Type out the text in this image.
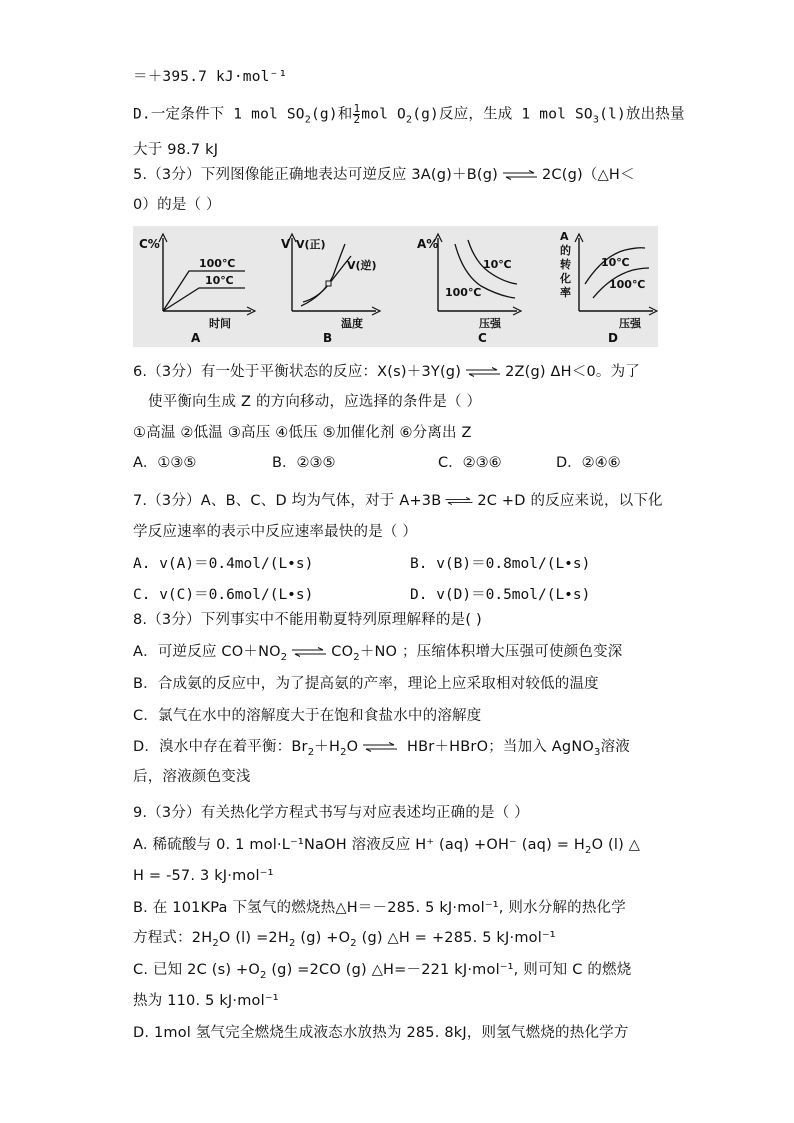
＝＋395.7 kJ·mol⁻¹
D.一定条件下 1 mol $SO_2(g)$和 $\frac{1}{2}$ mol $O_2(g)$反应，生成 1 mol $SO_3(l)$放出热量
大于 98.7 kJ
5.（3分）下列图像能正确地表达可逆反应 3A(g)＋B(g) ⇌ 2C(g)（△H＜
0）的是（ ）
C%
100℃
10℃
时间
A
V V(正)
V(逆)
温度
B
A%
10℃
100℃
压强
C
A
的
转
化
率
10℃
100℃
压强
D
6.（3分）有一处于平衡状态的反应：X(s)＋3Y(g) ⇌ 2Z(g) ΔH＜0。为了
使平衡向生成 Z 的方向移动，应选择的条件是（ ）
①高温 ②低温 ③高压 ④低压 ⑤加催化剂 ⑥分离出 Z
A．①③⑤	B．②③⑤	C．②③⑥	D．②④⑥
7.（3分）A、B、C、D 均为气体，对于 A+3B ⇌ 2C +D 的反应来说，以下化
学反应速率的表示中反应速率最快的是（ ）
A. v(A)＝0.4mol/(L•s)	B. v(B)＝0.8mol/(L•s)
C. v(C)＝0.6mol/(L•s)	D. v(D)＝0.5mol/(L•s)
8.（3分）下列事实中不能用勒夏特列原理解释的是( )
A．可逆反应 $CO+NO_2$ ⇌ $CO_2+NO$ ；压缩体积增大压强可使颜色变深
B．合成氨的反应中，为了提高氨的产率，理论上应采取相对较低的温度
C．氯气在水中的溶解度大于在饱和食盐水中的溶解度
D．溴水中存在着平衡：$Br_2+H_2O$ ⇌ HBr＋HBrO；当加入 AgNO$_3$溶液
后，溶液颜色变浅
9.（3分）有关热化学方程式书写与对应表述均正确的是（ ）
A. 稀硫酸与 0. 1 mol·L⁻¹NaOH 溶液反应 H⁺ (aq) +OH⁻ $(aq) = H_2O$ (l) △
H = -57. 3 kJ·mol⁻¹
B. 在 101KPa 下氢气的燃烧热△H＝－285. 5 kJ·mol⁻¹, 则水分解的热化学
方程式：$2H_2O$ $(l) =2H_2$ $(g) +O_2$ (g) △H = +285. 5 kJ·mol⁻¹
C. 已知 2C $(s) +O_2$ (g) =2CO (g) △H=－221 kJ·mol⁻¹, 则可知 C 的燃烧
热为 110. 5 kJ·mol⁻¹
D. 1mol 氢气完全燃烧生成液态水放热为 285. 8kJ，则氢气燃烧的热化学方
